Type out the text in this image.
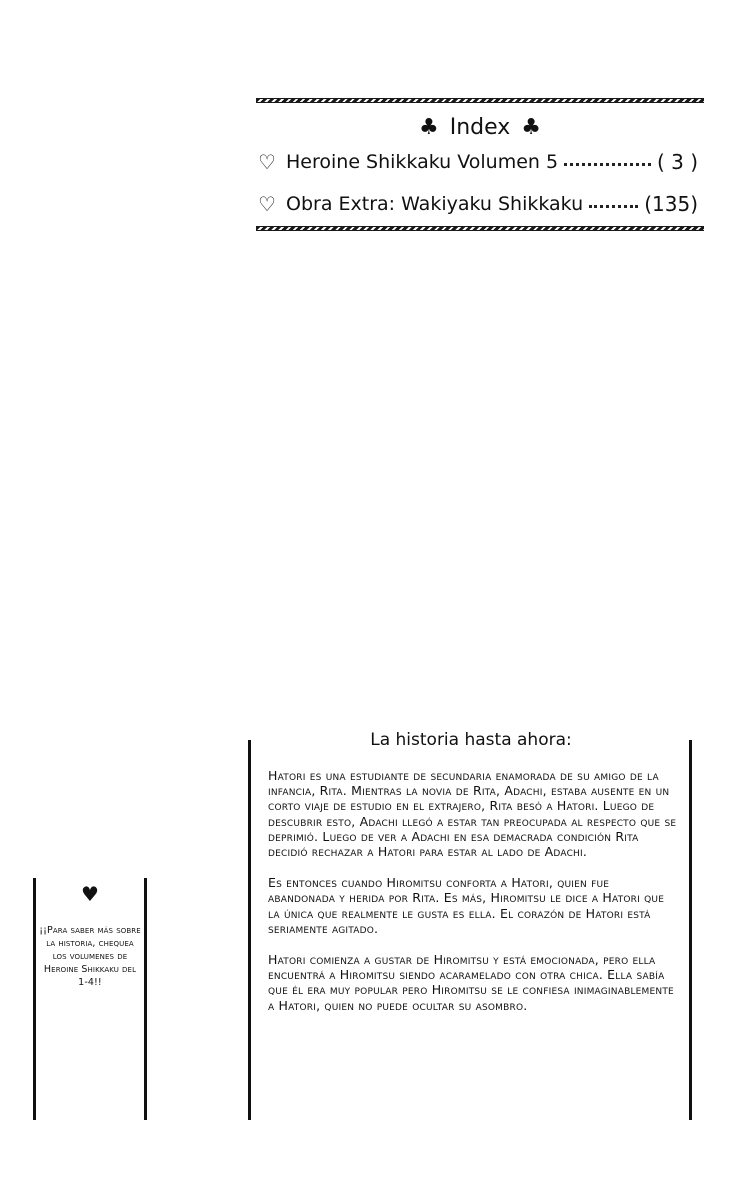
♣ Index ♣
♡ Heroine Shikkaku Volumen 5	( 3 )
♡ Obra Extra: Wakiyaku Shikkaku	(135)
♥
¡¡Para saber más sobre la historia, chequea los volumenes de Heroine Shikkaku del 1-4!!
La historia hasta ahora:

Hatori es una estudiante de secundaria enamorada de su amigo de la infancia, Rita. Mientras la novia de Rita, Adachi, estaba ausente en un corto viaje de estudio en el extrajero, Rita besó a Hatori. Luego de descubrir esto, Adachi llegó a estar tan preocupada al respecto que se deprimió. Luego de ver a Adachi en esa demacrada condición Rita decidió rechazar a Hatori para estar al lado de Adachi.

Es entonces cuando Hiromitsu conforta a Hatori, quien fue abandonada y herida por Rita. Es más, Hiromitsu le dice a Hatori que la única que realmente le gusta es ella. El corazón de Hatori está seriamente agitado.

Hatori comienza a gustar de Hiromitsu y está emocionada, pero ella encuentrá a Hiromitsu siendo acaramelado con otra chica. Ella sabía que él era muy popular pero Hiromitsu se le confiesa inimaginablemente a Hatori, quien no puede ocultar su asombro.
